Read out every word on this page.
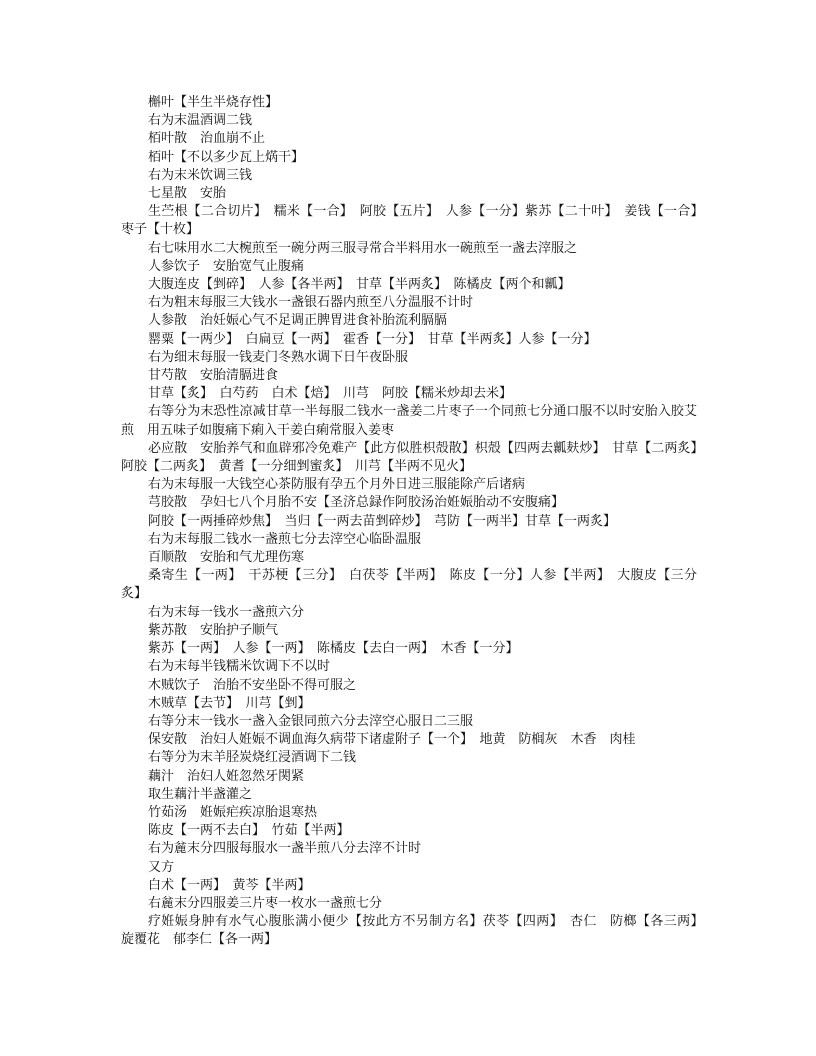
槲叶【半生半烧存性】

右为末温酒调二钱

栢叶散　治血崩不止

栢叶【不以多少瓦上焫干】

右为末米饮调三钱

七星散　安胎

生苎根【二合切片】　糯米【一合】　阿胶【五片】　人参【一分】紫苏【二十叶】　姜钱【一合】　枣子【十枚】

右七味用水二大椀煎至一碗分两三服寻常合半料用水一碗煎至一盏去滓服之

人参饮子　安胎宽气止腹痛

大腹连皮【剉碎】　人参【各半两】　甘草【半两炙】　陈橘皮【两个和瓤】

右为粗末每服三大钱水一盏银石器内煎至八分温服不计时

人参散　治妊娠心气不足调正脾胃进食补胎流利膈膈

罂粟【一两少】　白扁豆【一两】　霍香【一分】　甘草【半两炙】人参【一分】

右为细末每服一钱麦门冬熟水调下日午夜卧服

甘芍散　安胎清膈进食

甘草【炙】　白芍药　白术【焙】　川芎　阿胶【糯米炒却去米】

右等分为末恐性凉减甘草一半每服二钱水一盏姜二片枣子一个同煎七分通口服不以时安胎入胶艾煎　用五味子如腹痛下痢入干姜白痢常服入姜枣

必应散　安胎养气和血辟邪冷免难产【此方似胜枳殻散】枳殻【四两去瓤麸炒】　甘草【二两炙】　阿胶【二两炙】　黄耆【一分细剉蜜炙】　川芎【半两不见火】

右为末每服一大钱空心茶防服有孕五个月外日进三服能除产后诸病

芎胶散　孕妇七八个月胎不安【圣济总録作阿胶汤治姙娠胎动不安腹痛】

阿胶【一两捶碎炒焦】　当归【一两去苗剉碎炒】　芎防【一两半】甘草【一两炙】

右为末每服二钱水一盏煎七分去滓空心临卧温服

百顺散　安胎和气尤理伤寒

桑寄生【一两】　干苏梗【三分】　白茯苓【半两】　陈皮【一分】人参【半两】　大腹皮【三分炙】

右为末每一钱水一盏煎六分

紫苏散　安胎护子顺气

紫苏【一两】　人参【一两】　陈橘皮【去白一两】　木香【一分】

右为末每半钱糯米饮调下不以时

木贼饮子　治胎不安坐卧不得可服之

木贼草【去节】　川芎【剉】

右等分末一钱水一盏入金银同煎六分去滓空心服日二三服

保安散　治妇人姙娠不调血海久病带下诸虚附子【一个】　地黄　防榈灰　木香　肉桂

右等分为末羊胫炭烧红浸酒调下二钱

藕汁　治妇人姙忽然牙関紧

取生藕汁半盏灌之

竹茹汤　姙娠疟疾凉胎退寒热

陈皮【一两不去白】　竹茹【半两】

右为麄末分四服每服水一盏半煎八分去滓不计时

又方

白术【一两】　黄芩【半两】

右麄末分四服姜三片枣一枚水一盏煎七分

疗姙娠身肿有水气心腹胀满小便少【按此方不另制方名】茯苓【四两】　杏仁　防榔【各三两】　旋覆花　郁李仁【各一两】
